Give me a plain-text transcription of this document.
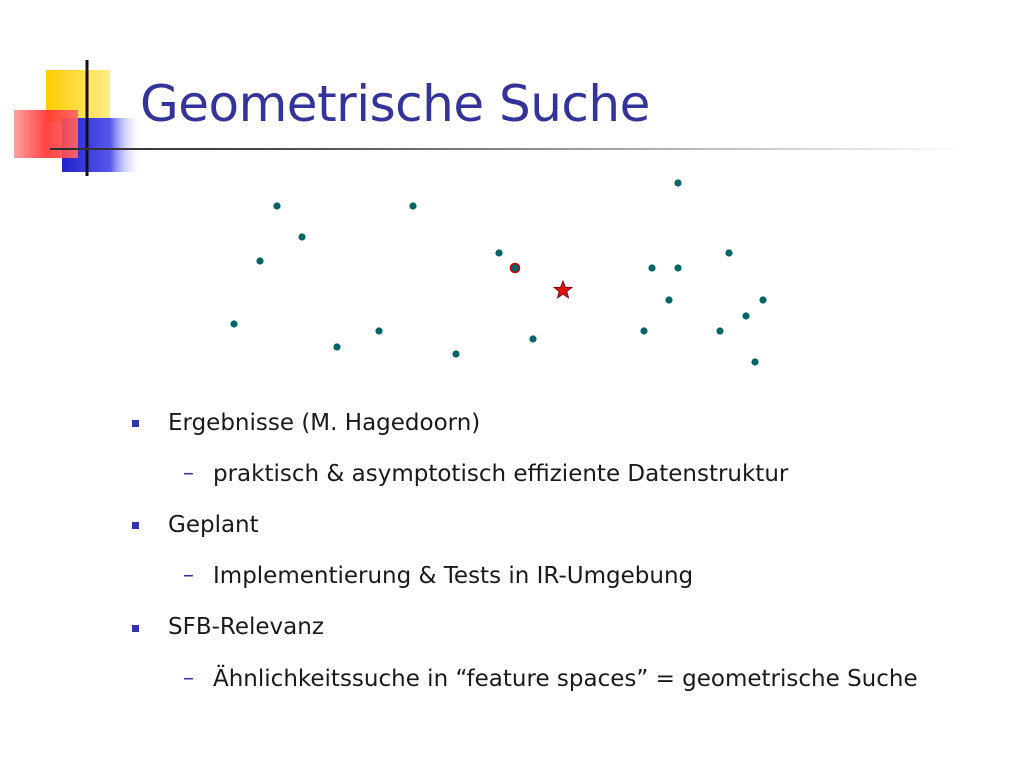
Geometrische Suche
Ergebnisse (M. Hagedoorn)
– praktisch & asymptotisch effiziente Datenstruktur
Geplant
– Implementierung & Tests in IR-Umgebung
SFB-Relevanz
– Ähnlichkeitssuche in “feature spaces” = geometrische Suche
